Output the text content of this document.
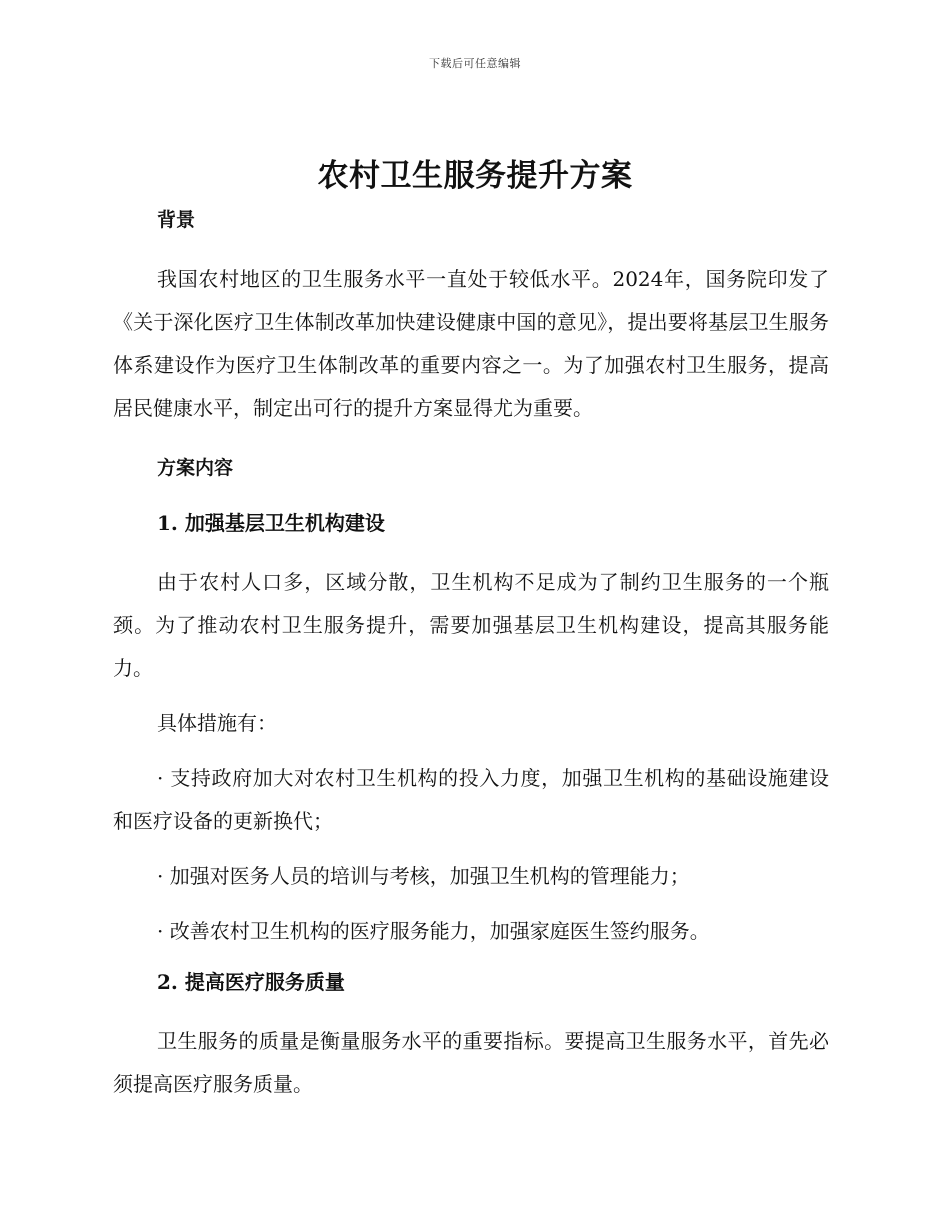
下载后可任意编辑
农村卫生服务提升方案
背景

我国农村地区的卫生服务水平一直处于较低水平。2024年，国务院印发了《关于深化医疗卫生体制改革加快建设健康中国的意见》，提出要将基层卫生服务体系建设作为医疗卫生体制改革的重要内容之一。为了加强农村卫生服务，提高居民健康水平，制定出可行的提升方案显得尤为重要。

方案内容
1. 加强基层卫生机构建设

由于农村人口多，区域分散，卫生机构不足成为了制约卫生服务的一个瓶颈。为了推动农村卫生服务提升，需要加强基层卫生机构建设，提高其服务能力。

具体措施有：

· 支持政府加大对农村卫生机构的投入力度，加强卫生机构的基础设施建设和医疗设备的更新换代；

· 加强对医务人员的培训与考核，加强卫生机构的管理能力；

· 改善农村卫生机构的医疗服务能力，加强家庭医生签约服务。

2. 提高医疗服务质量

卫生服务的质量是衡量服务水平的重要指标。要提高卫生服务水平，首先必须提高医疗服务质量。
